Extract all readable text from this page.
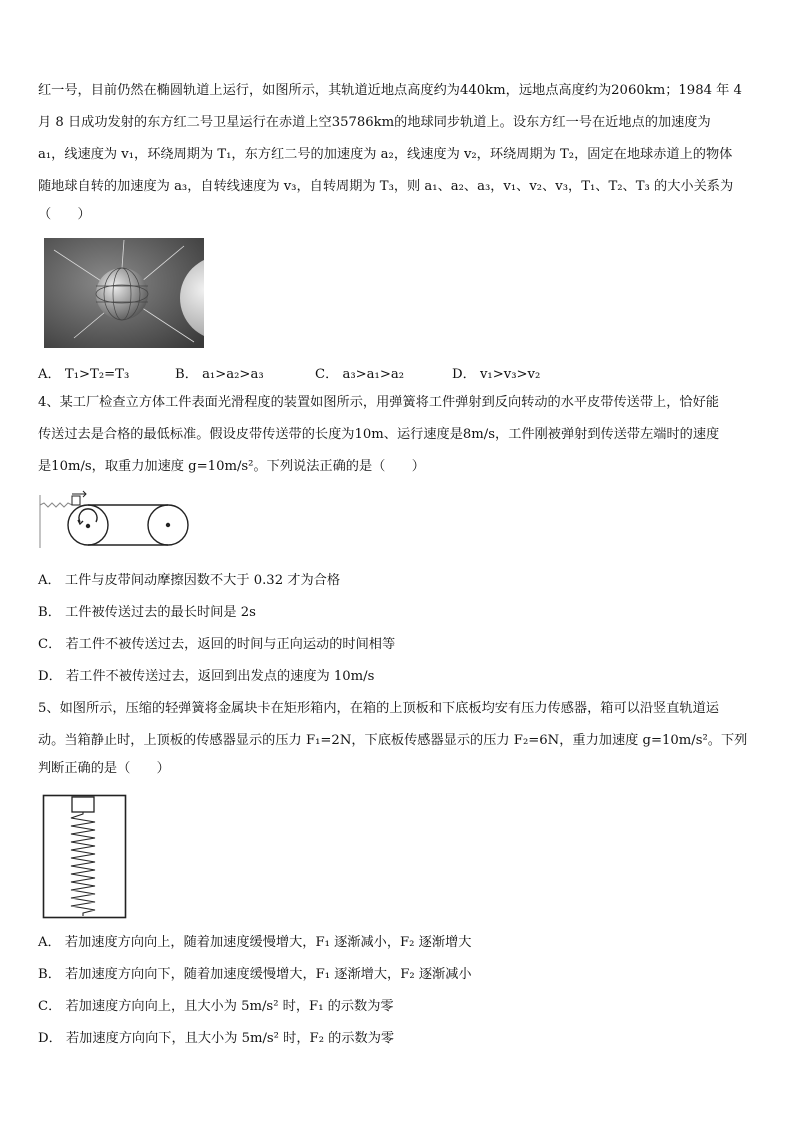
红一号，目前仍然在椭圆轨道上运行，如图所示，其轨道近地点高度约为440km，远地点高度约为2060km；1984 年 4
月 8 日成功发射的东方红二号卫星运行在赤道上空35786km的地球同步轨道上。设东方红一号在近地点的加速度为
a₁，线速度为 v₁，环绕周期为 T₁，东方红二号的加速度为 a₂，线速度为 v₂，环绕周期为 T₂，固定在地球赤道上的物体
随地球自转的加速度为 a₃，自转线速度为 v₃，自转周期为 T₃，则 a₁、a₂、a₃，v₁、v₂、v₃，T₁、T₂、T₃ 的大小关系为
（　　）
A． T₁>T₂=T₃	B． a₁>a₂>a₃	C． a₃>a₁>a₂	D． v₁>v₃>v₂
4、某工厂检查立方体工件表面光滑程度的装置如图所示，用弹簧将工件弹射到反向转动的水平皮带传送带上，恰好能
传送过去是合格的最低标准。假设皮带传送带的长度为10m、运行速度是8m/s，工件刚被弹射到传送带左端时的速度
是10m/s，取重力加速度 g=10m/s²。下列说法正确的是（　　）
A． 工件与皮带间动摩擦因数不大于 0.32 才为合格
B． 工件被传送过去的最长时间是 2s
C． 若工件不被传送过去，返回的时间与正向运动的时间相等
D． 若工件不被传送过去，返回到出发点的速度为 10m/s
5、如图所示，压缩的轻弹簧将金属块卡在矩形箱内，在箱的上顶板和下底板均安有压力传感器，箱可以沿竖直轨道运
动。当箱静止时，上顶板的传感器显示的压力 F₁=2N，下底板传感器显示的压力 F₂=6N，重力加速度 g=10m/s²。下列
判断正确的是（　　）
A． 若加速度方向向上，随着加速度缓慢增大，F₁ 逐渐减小，F₂ 逐渐增大
B． 若加速度方向向下，随着加速度缓慢增大，F₁ 逐渐增大，F₂ 逐渐减小
C． 若加速度方向向上，且大小为 5m/s² 时，F₁ 的示数为零
D． 若加速度方向向下，且大小为 5m/s² 时，F₂ 的示数为零
